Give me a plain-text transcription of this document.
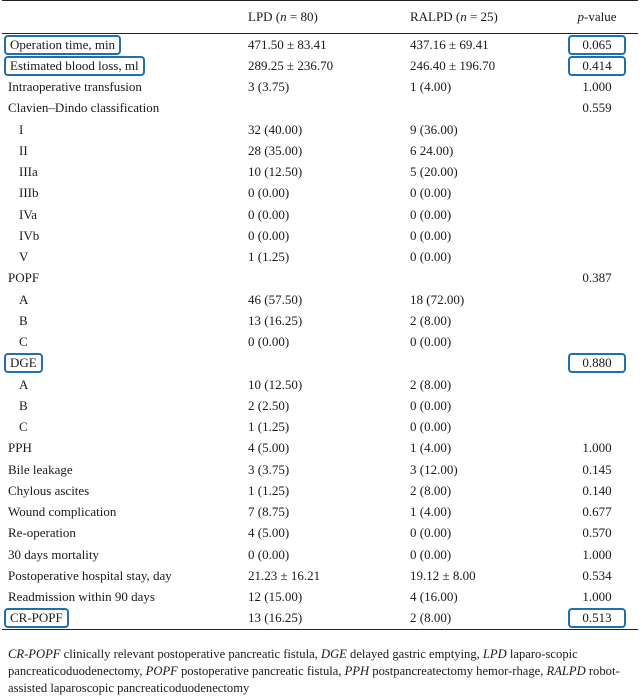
	LPD (n = 80)	RALPD (n = 25)	p-value
Operation time, min	471.50 ± 83.41	437.16 ± 69.41	0.065
Estimated blood loss, ml	289.25 ± 236.70	246.40 ± 196.70	0.414
Intraoperative transfusion	3 (3.75)	1 (4.00)	1.000
Clavien–Dindo classification			0.559
I	32 (40.00)	9 (36.00)	
II	28 (35.00)	6 24.00)	
IIIa	10 (12.50)	5 (20.00)	
IIIb	0 (0.00)	0 (0.00)	
IVa	0 (0.00)	0 (0.00)	
IVb	0 (0.00)	0 (0.00)	
V	1 (1.25)	0 (0.00)	
POPF			0.387
A	46 (57.50)	18 (72.00)	
B	13 (16.25)	2 (8.00)	
C	0 (0.00)	0 (0.00)	
DGE			0.880
A	10 (12.50)	2 (8.00)	
B	2 (2.50)	0 (0.00)	
C	1 (1.25)	0 (0.00)	
PPH	4 (5.00)	1 (4.00)	1.000
Bile leakage	3 (3.75)	3 (12.00)	0.145
Chylous ascites	1 (1.25)	2 (8.00)	0.140
Wound complication	7 (8.75)	1 (4.00)	0.677
Re-operation	4 (5.00)	0 (0.00)	0.570
30 days mortality	0 (0.00)	0 (0.00)	1.000
Postoperative hospital stay, day	21.23 ± 16.21	19.12 ± 8.00	0.534
Readmission within 90 days	12 (15.00)	4 (16.00)	1.000
CR-POPF	13 (16.25)	2 (8.00)	0.513

CR-POPF clinically relevant postoperative pancreatic fistula, DGE delayed gastric emptying, LPD laparo-scopic pancreaticoduodenectomy, POPF postoperative pancreatic fistula, PPH postpancreatectomy hemor-rhage, RALPD robot-assisted laparoscopic pancreaticoduodenectomy
